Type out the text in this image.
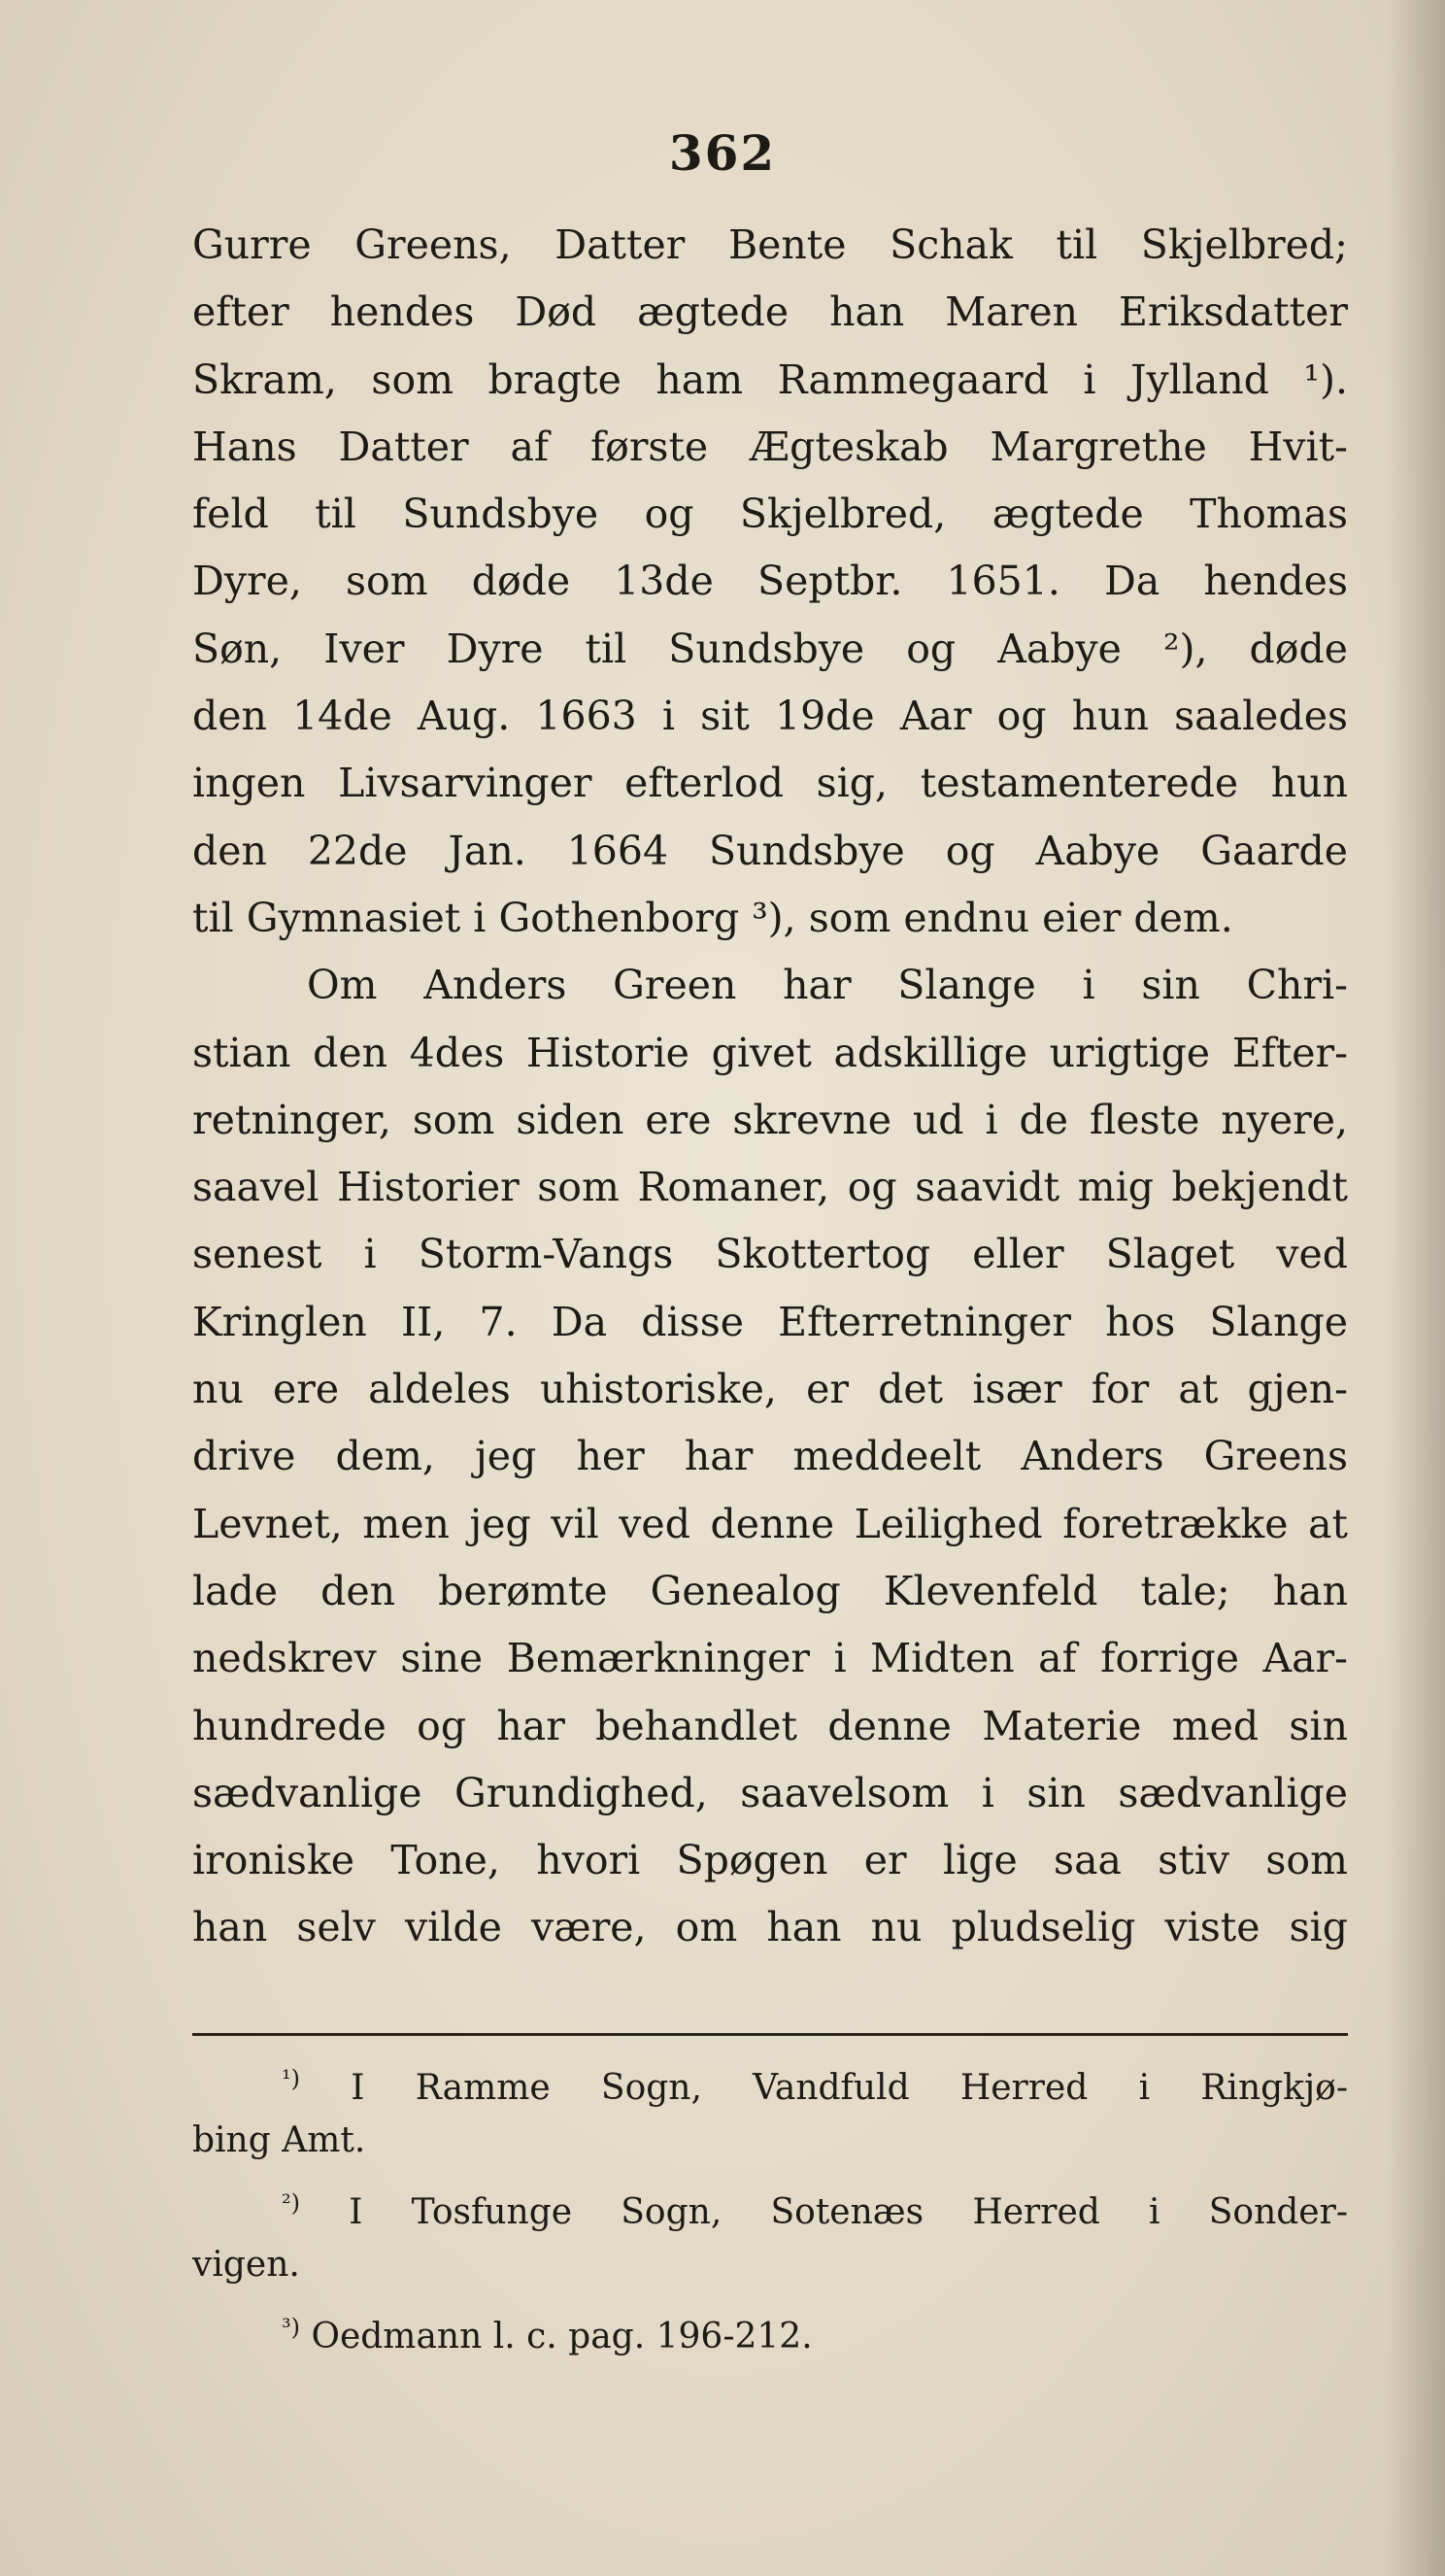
362
Gurre Greens, Datter Bente Schak til Skjelbred;
efter hendes Død ægtede han Maren Eriksdatter
Skram, som bragte ham Rammegaard i Jylland ¹).
Hans Datter af første Ægteskab Margrethe Hvit-
feld til Sundsbye og Skjelbred, ægtede Thomas
Dyre, som døde 13de Septbr. 1651. Da hendes
Søn, Iver Dyre til Sundsbye og Aabye ²), døde
den 14de Aug. 1663 i sit 19de Aar og hun saaledes
ingen Livsarvinger efterlod sig, testamenterede hun
den 22de Jan. 1664 Sundsbye og Aabye Gaarde
til Gymnasiet i Gothenborg ³), som endnu eier dem.
Om Anders Green har Slange i sin Chri-
stian den 4des Historie givet adskillige urigtige Efter-
retninger, som siden ere skrevne ud i de fleste nyere,
saavel Historier som Romaner, og saavidt mig bekjendt
senest i Storm-Vangs Skottertog eller Slaget ved
Kringlen II, 7. Da disse Efterretninger hos Slange
nu ere aldeles uhistoriske, er det især for at gjen-
drive dem, jeg her har meddeelt Anders Greens
Levnet, men jeg vil ved denne Leilighed foretrække at
lade den berømte Genealog Klevenfeld tale; han
nedskrev sine Bemærkninger i Midten af forrige Aar-
hundrede og har behandlet denne Materie med sin
sædvanlige Grundighed, saavelsom i sin sædvanlige
ironiske Tone, hvori Spøgen er lige saa stiv som
han selv vilde være, om han nu pludselig viste sig
$^{^1)}$ I Ramme Sogn, Vandfuld Herred i Ringkjø-
bing Amt.
$^{^2)}$ I Tosfunge Sogn, Sotenæs Herred i Sonder-
vigen.
$^{^3)}$ Oedmann l. c. pag. 196-212.
